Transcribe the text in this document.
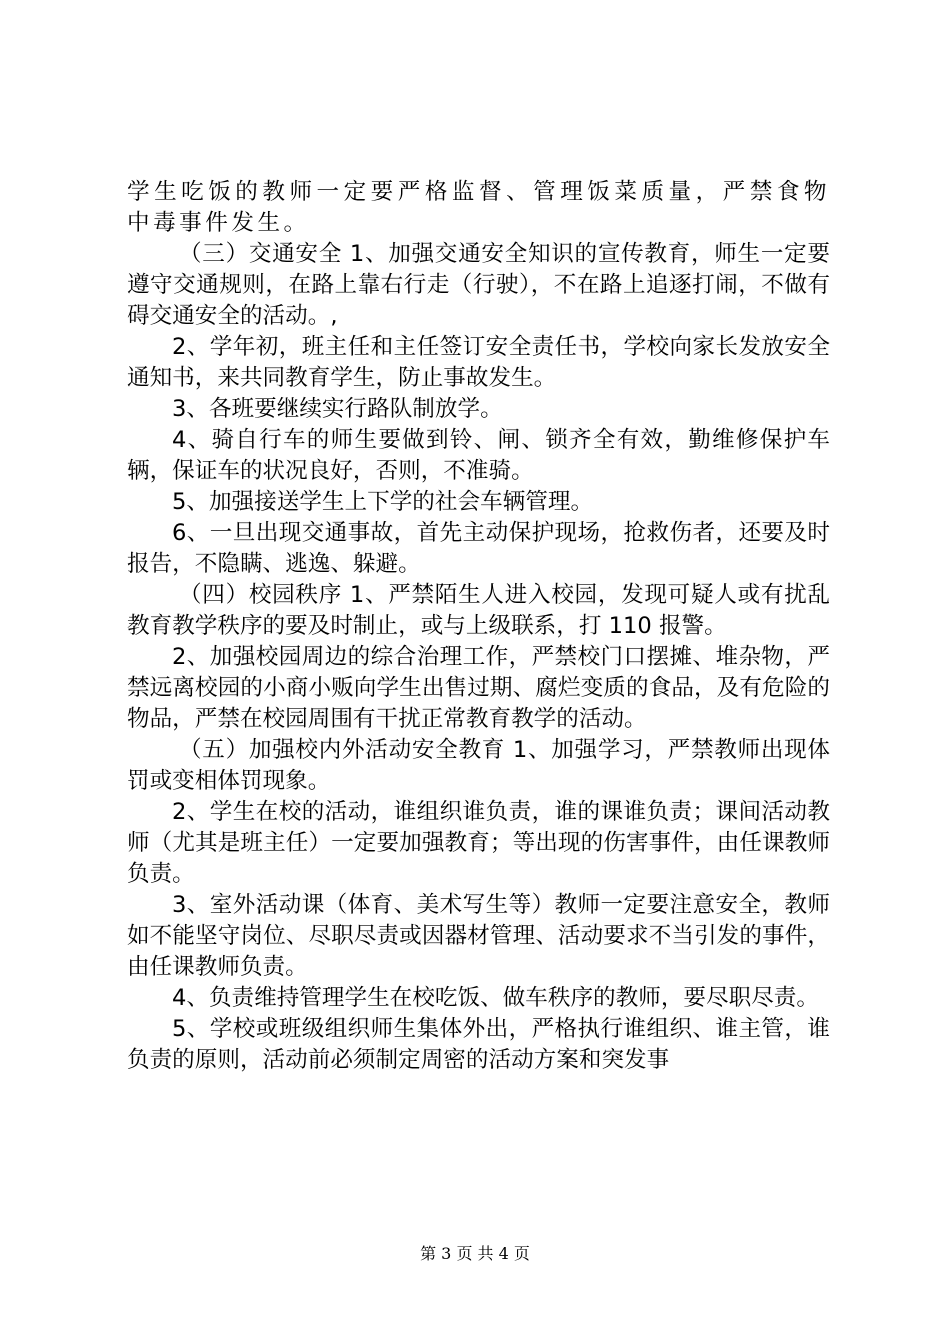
学生吃饭的教师一定要严格监督、管理饭菜质量，严禁食物中毒事件发生。

（三）交通安全 1、加强交通安全知识的宣传教育，师生一定要遵守交通规则，在路上靠右行走（行驶），不在路上追逐打闹，不做有碍交通安全的活动。,

2、学年初，班主任和主任签订安全责任书，学校向家长发放安全通知书，来共同教育学生，防止事故发生。

3、各班要继续实行路队制放学。

4、骑自行车的师生要做到铃、闸、锁齐全有效，勤维修保护车辆，保证车的状况良好，否则，不准骑。

5、加强接送学生上下学的社会车辆管理。

6、一旦出现交通事故，首先主动保护现场，抢救伤者，还要及时报告，不隐瞒、逃逸、躲避。

（四）校园秩序 1、严禁陌生人进入校园，发现可疑人或有扰乱教育教学秩序的要及时制止，或与上级联系，打 110 报警。

2、加强校园周边的综合治理工作，严禁校门口摆摊、堆杂物，严禁远离校园的小商小贩向学生出售过期、腐烂变质的食品，及有危险的物品，严禁在校园周围有干扰正常教育教学的活动。

（五）加强校内外活动安全教育 1、加强学习，严禁教师出现体罚或变相体罚现象。

2、学生在校的活动，谁组织谁负责，谁的课谁负责；课间活动教师（尤其是班主任）一定要加强教育；等出现的伤害事件，由任课教师负责。

3、室外活动课（体育、美术写生等）教师一定要注意安全，教师如不能坚守岗位、尽职尽责或因器材管理、活动要求不当引发的事件，由任课教师负责。

4、负责维持管理学生在校吃饭、做车秩序的教师，要尽职尽责。

5、学校或班级组织师生集体外出，严格执行谁组织、谁主管，谁负责的原则，活动前必须制定周密的活动方案和突发事

第 3 页 共 4 页
